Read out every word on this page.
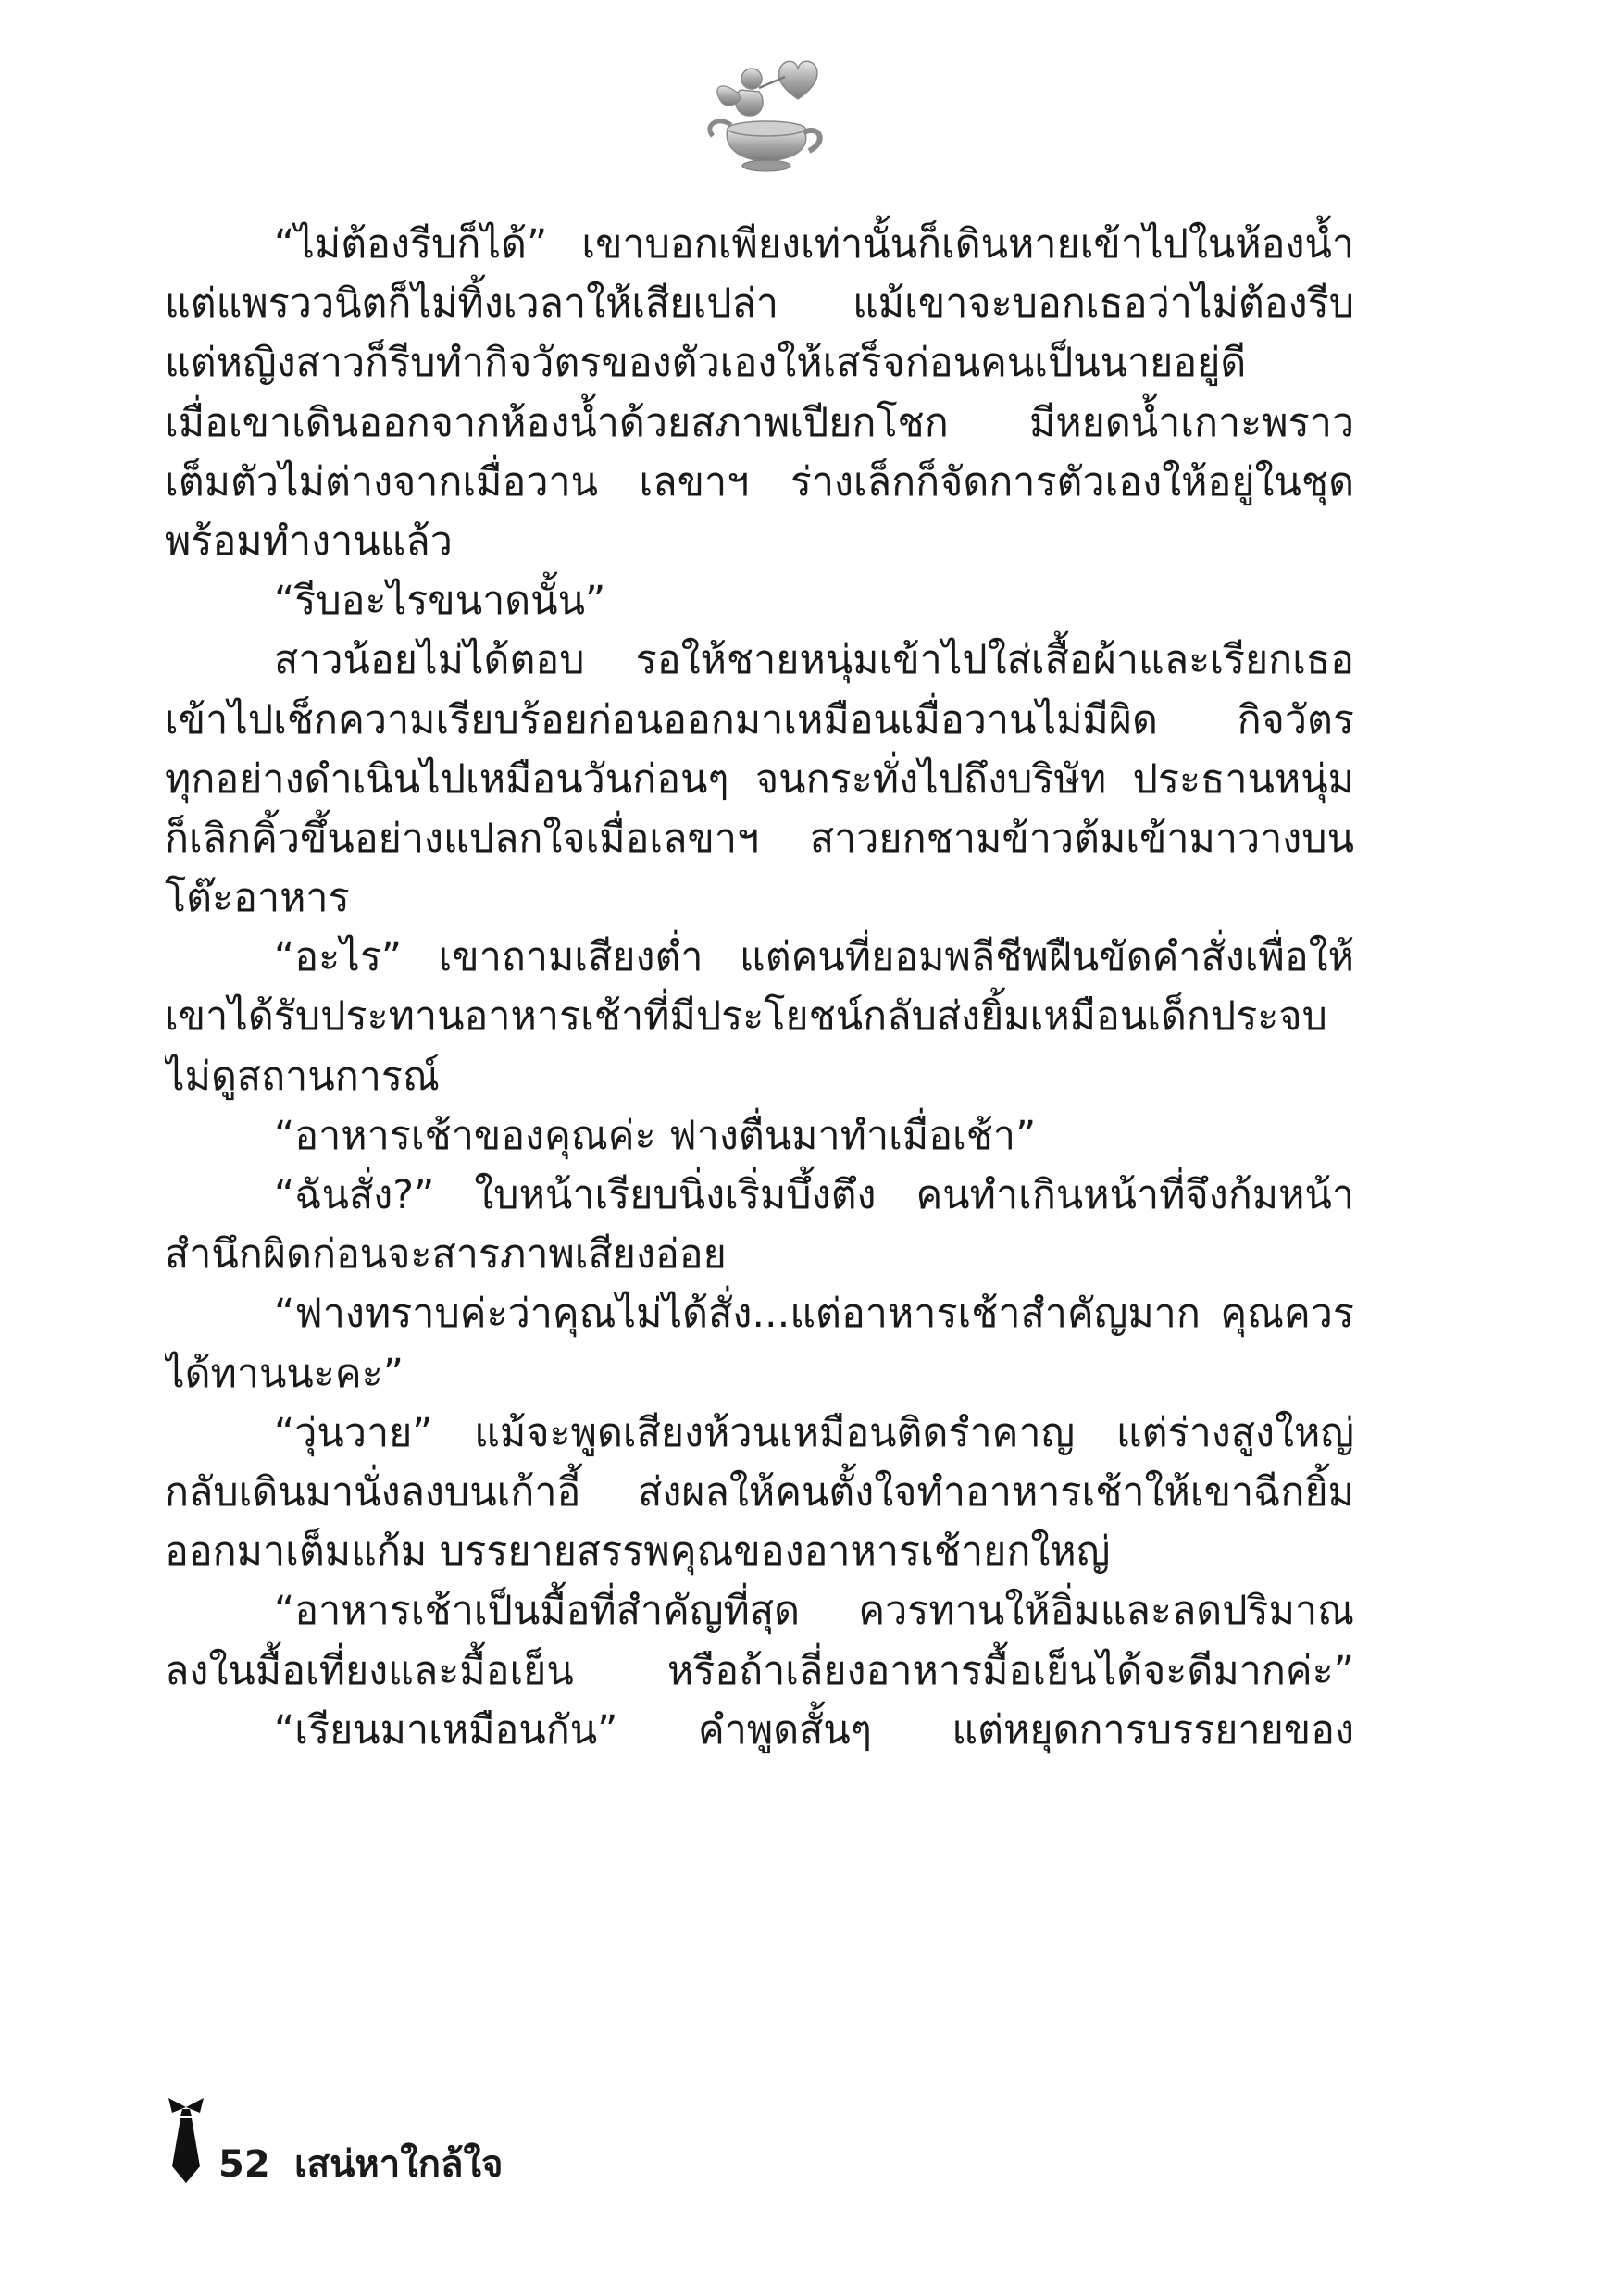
“ไม่ต้องรีบก็ได้” เขาบอกเพียงเท่านั้นก็เดินหายเข้าไปในห้องน้ำ
แต่แพรววนิตก็ไม่ทิ้งเวลาให้เสียเปล่า แม้เขาจะบอกเธอว่าไม่ต้องรีบ
แต่หญิงสาวก็รีบทำกิจวัตรของตัวเองให้เสร็จก่อนคนเป็นนายอยู่ดี
เมื่อเขาเดินออกจากห้องน้ำด้วยสภาพเปียกโชก มีหยดน้ำเกาะพราว
เต็มตัวไม่ต่างจากเมื่อวาน เลขาฯ ร่างเล็กก็จัดการตัวเองให้อยู่ในชุด
พร้อมทำงานแล้ว
“รีบอะไรขนาดนั้น”
สาวน้อยไม่ได้ตอบ รอให้ชายหนุ่มเข้าไปใส่เสื้อผ้าและเรียกเธอ
เข้าไปเช็กความเรียบร้อยก่อนออกมาเหมือนเมื่อวานไม่มีผิด กิจวัตร
ทุกอย่างดำเนินไปเหมือนวันก่อนๆ จนกระทั่งไปถึงบริษัท ประธานหนุ่ม
ก็เลิกคิ้วขึ้นอย่างแปลกใจเมื่อเลขาฯ สาวยกชามข้าวต้มเข้ามาวางบน
โต๊ะอาหาร
“อะไร” เขาถามเสียงต่ำ แต่คนที่ยอมพลีชีพฝืนขัดคำสั่งเพื่อให้
เขาได้รับประทานอาหารเช้าที่มีประโยชน์กลับส่งยิ้มเหมือนเด็กประจบ
ไม่ดูสถานการณ์
“อาหารเช้าของคุณค่ะ ฟางตื่นมาทำเมื่อเช้า”
“ฉันสั่ง?” ใบหน้าเรียบนิ่งเริ่มบึ้งตึง คนทำเกินหน้าที่จึงก้มหน้า
สำนึกผิดก่อนจะสารภาพเสียงอ่อย
“ฟางทราบค่ะว่าคุณไม่ได้สั่ง...แต่อาหารเช้าสำคัญมาก คุณควร
ได้ทานนะคะ”
“วุ่นวาย” แม้จะพูดเสียงห้วนเหมือนติดรำคาญ แต่ร่างสูงใหญ่
กลับเดินมานั่งลงบนเก้าอี้ ส่งผลให้คนตั้งใจทำอาหารเช้าให้เขาฉีกยิ้ม
ออกมาเต็มแก้ม บรรยายสรรพคุณของอาหารเช้ายกใหญ่
“อาหารเช้าเป็นมื้อที่สำคัญที่สุด ควรทานให้อิ่มและลดปริมาณ
ลงในมื้อเที่ยงและมื้อเย็น หรือถ้าเลี่ยงอาหารมื้อเย็นได้จะดีมากค่ะ”
“เรียนมาเหมือนกัน” คำพูดสั้นๆ แต่หยุดการบรรยายของ
52 เสน่หาใกล้ใจ
